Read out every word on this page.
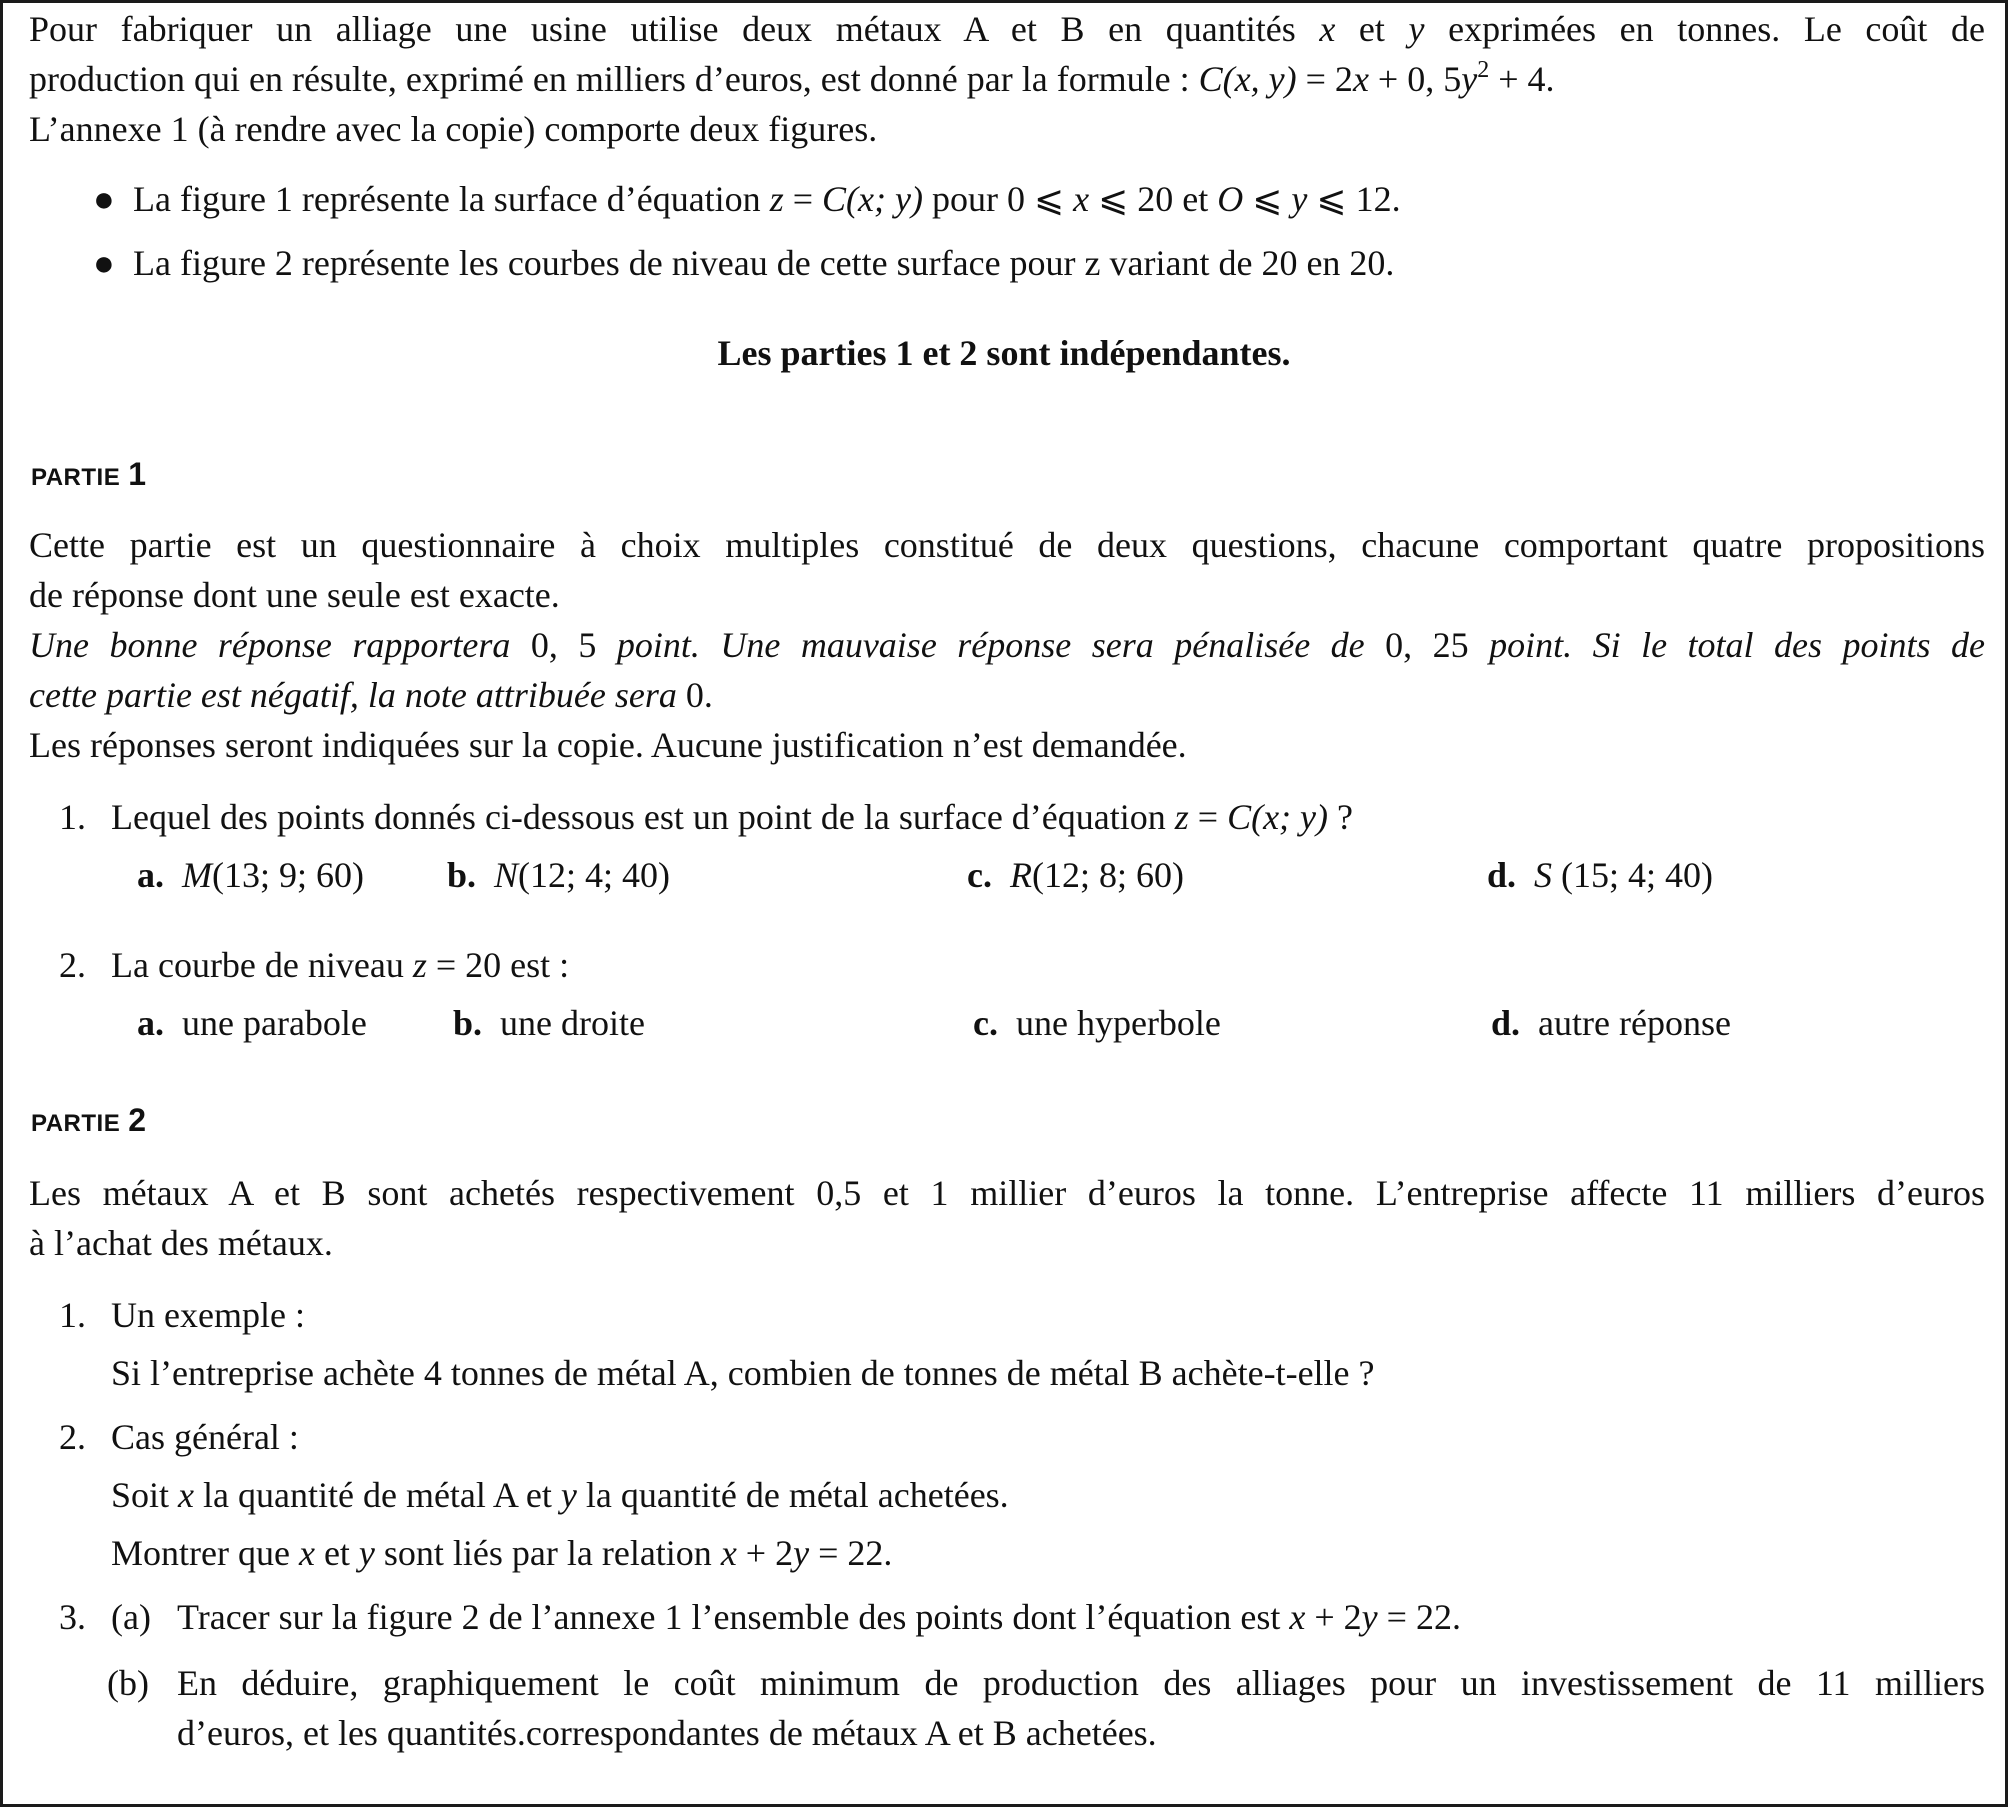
Pour fabriquer un alliage une usine utilise deux métaux A et B en quantités x et y exprimées en tonnes. Le coût de
production qui en résulte, exprimé en milliers d’euros, est donné par la formule : C(x, y) = 2x + 0, $5y^2 + 4$.
L’annexe 1 (à rendre avec la copie) comporte deux figures.
● La figure 1 représente la surface d’équation z = C(x; y) pour 0 ⩽ x ⩽ 20 et O ⩽ y ⩽ 12.
● La figure 2 représente les courbes de niveau de cette surface pour z variant de 20 en 20.
Les parties 1 et 2 sont indépendantes.
PARTIE 1
Cette partie est un questionnaire à choix multiples constitué de deux questions, chacune comportant quatre propositions
de réponse dont une seule est exacte.
Une bonne réponse rapportera 0, 5 point. Une mauvaise réponse sera pénalisée de 0, 25 point. Si le total des points de
cette partie est négatif, la note attribuée sera 0.
Les réponses seront indiquées sur la copie. Aucune justification n’est demandée.
1. Lequel des points donnés ci-dessous est un point de la surface d’équation z = C(x; y) ?
a. M(13; 9; 60) b. N(12; 4; 40)	c. R(12; 8; 60)	d. S (15; 4; 40)
2. La courbe de niveau z = 20 est :
a. une parabole b. une droite	c. une hyperbole	d. autre réponse
PARTIE 2
Les métaux A et B sont achetés respectivement 0,5 et 1 millier d’euros la tonne. L’entreprise affecte 11 milliers d’euros
à l’achat des métaux.
1. Un exemple :
Si l’entreprise achète 4 tonnes de métal A, combien de tonnes de métal B achète-t-elle ?
2. Cas général :
Soit x la quantité de métal A et y la quantité de métal achetées.
Montrer que x et y sont liés par la relation x + 2y = 22.
3. (a) Tracer sur la figure 2 de l’annexe 1 l’ensemble des points dont l’équation est x + 2y = 22.
(b) En déduire, graphiquement le coût minimum de production des alliages pour un investissement de 11 milliers
d’euros, et les quantités.correspondantes de métaux A et B achetées.
